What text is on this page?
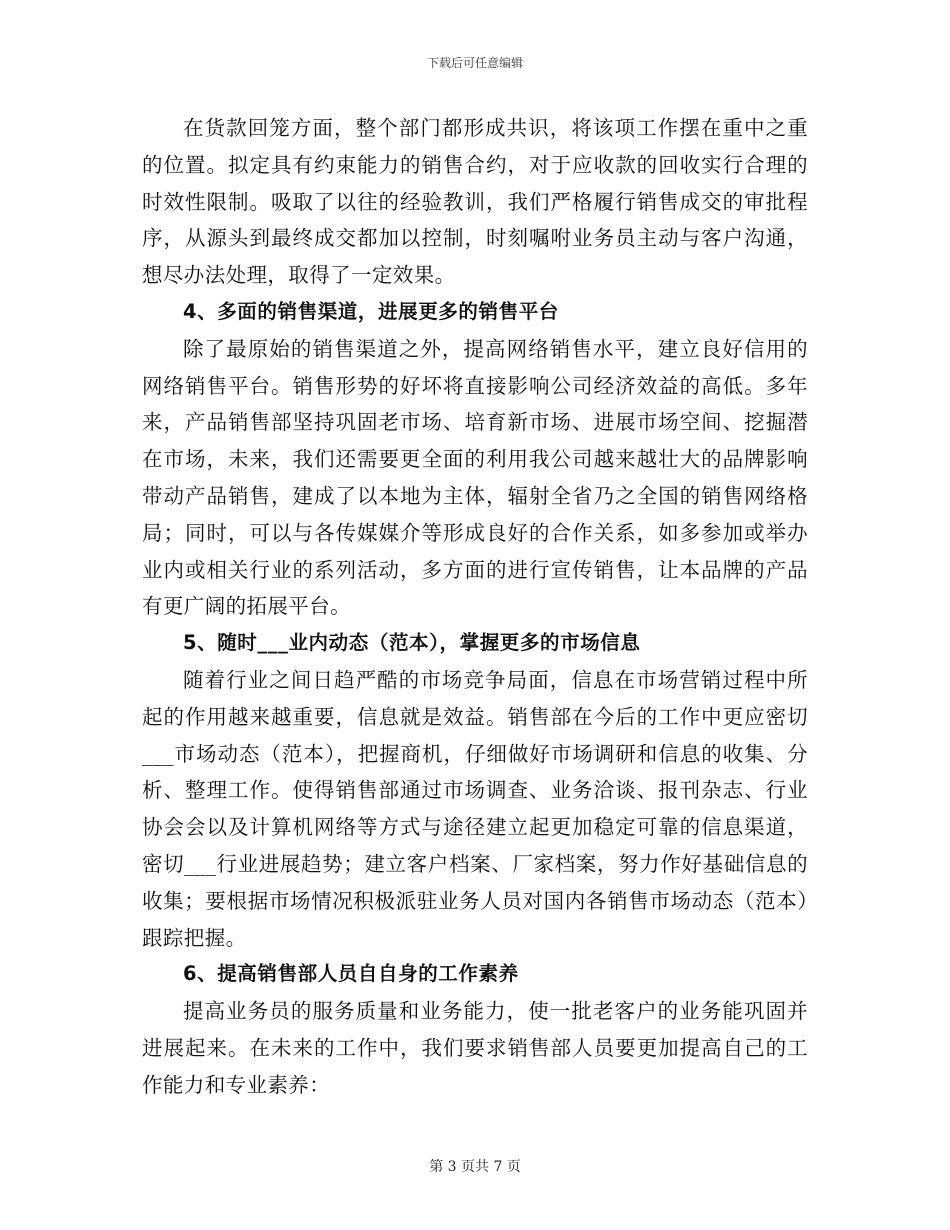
下载后可任意编辑

在货款回笼方面，整个部门都形成共识，将该项工作摆在重中之重的位置。拟定具有约束能力的销售合约，对于应收款的回收实行合理的时效性限制。吸取了以往的经验教训，我们严格履行销售成交的审批程序，从源头到最终成交都加以控制，时刻嘱咐业务员主动与客户沟通，想尽办法处理，取得了一定效果。

4、多面的销售渠道，进展更多的销售平台

除了最原始的销售渠道之外，提高网络销售水平，建立良好信用的网络销售平台。销售形势的好坏将直接影响公司经济效益的高低。多年来，产品销售部坚持巩固老市场、培育新市场、进展市场空间、挖掘潜在市场，未来，我们还需要更全面的利用我公司越来越壮大的品牌影响带动产品销售，建成了以本地为主体，辐射全省乃之全国的销售网络格局；同时，可以与各传媒媒介等形成良好的合作关系，如多参加或举办业内或相关行业的系列活动，多方面的进行宣传销售，让本品牌的产品有更广阔的拓展平台。

5、随时___业内动态（范本），掌握更多的市场信息

随着行业之间日趋严酷的市场竞争局面，信息在市场营销过程中所起的作用越来越重要，信息就是效益。销售部在今后的工作中更应密切___市场动态（范本），把握商机，仔细做好市场调研和信息的收集、分析、整理工作。使得销售部通过市场调查、业务洽谈、报刊杂志、行业协会会以及计算机网络等方式与途径建立起更加稳定可靠的信息渠道，密切___行业进展趋势；建立客户档案、厂家档案，努力作好基础信息的收集；要根据市场情况积极派驻业务人员对国内各销售市场动态（范本）跟踪把握。

6、提高销售部人员自自身的工作素养

提高业务员的服务质量和业务能力，使一批老客户的业务能巩固并进展起来。在未来的工作中，我们要求销售部人员要更加提高自己的工作能力和专业素养：

第 3 页共 7 页
